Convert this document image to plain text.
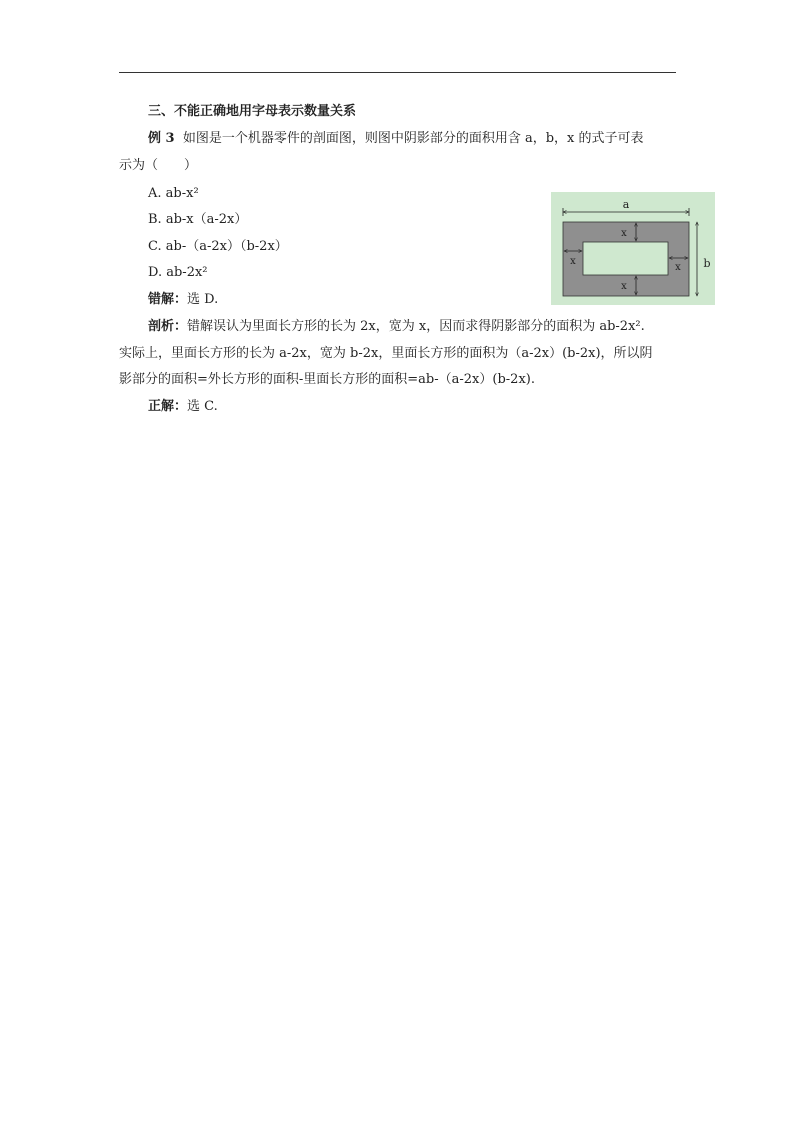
三、不能正确地用字母表示数量关系
例 3 如图是一个机器零件的剖面图，则图中阴影部分的面积用含 a，b，x 的式子可表
示为（　　）
A. ab-x²
B. ab-x（a-2x）
C. ab-（a-2x）（b-2x）
D. ab-2x²
错解：选 D.
剖析：错解误认为里面长方形的长为 2x，宽为 x，因而求得阴影部分的面积为 ab-2x².
实际上，里面长方形的长为 a-2x，宽为 b-2x，里面长方形的面积为（a-2x）(b-2x)，所以阴
影部分的面积=外长方形的面积-里面长方形的面积=ab-（a-2x）(b-2x).
正解：选 C.
a
b
x
x
x
x
